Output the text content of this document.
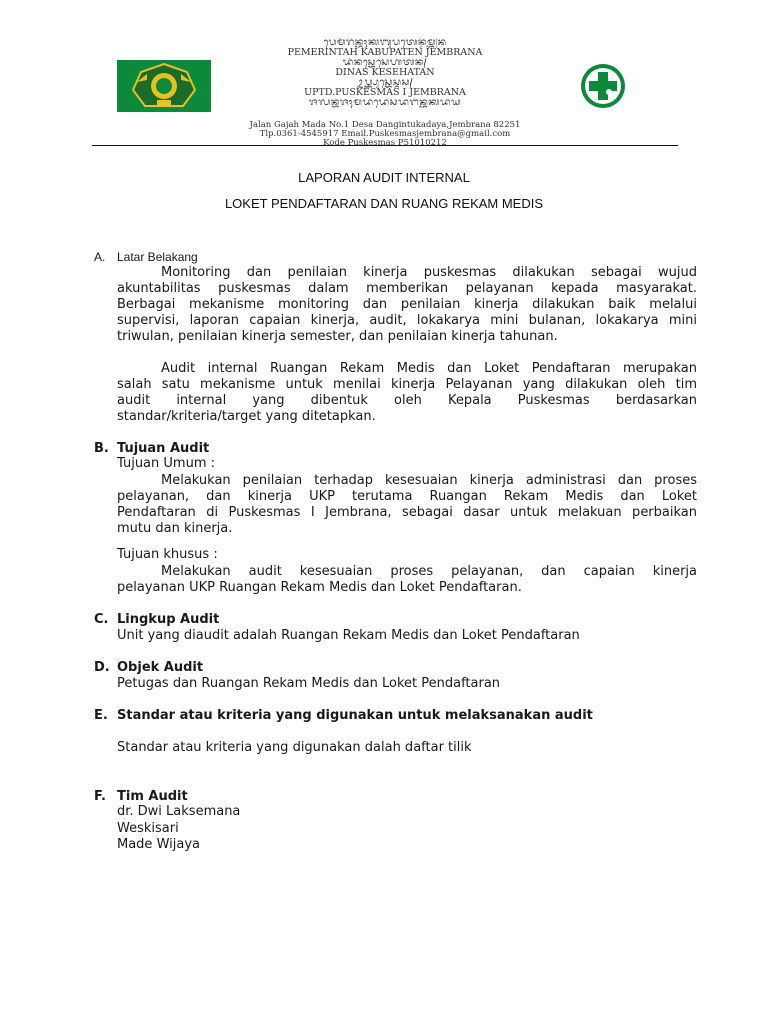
ᬧᬾᬫᭂᬭᬶᬦ᭄ᬢᬄᬓᬩᬸᬧᬢᬾᬦ᭄ᬚᭂᬫ᭄ᬩ᭄ᬭᬦ
PEMERINTAH KABUPATEN JEMBRANA
ᬤᬶᬦᬲ᭄ᬓᬾᬲᬾᬳᬢᬦ᭄
DINAS KESEHATAN
ᬉᬧ᭄ᬢ᭄ᬤ᭄ᬧᬸᬲ᭄ᬓᬾᬲ᭄ᬫᬲ᭄
UPTD.PUSKESMAS I JEMBRANA
ᬚᬮᬦ᭄ᬕᬚᬄᬫᬤᬤᬾᬲᬤᬗᬶᬦ᭄ᬢᬸᬓᬤᬬ
Jalan Gajah Mada No.1 Desa Dangintukadaya,Jembrana 82251
Tlp.0361-4545917 Email.Puskesmasjembrana@gmail.com
Kode Puskesmas P51010212
LAPORAN AUDIT INTERNAL
LOKET PENDAFTARAN DAN RUANG REKAM MEDIS
A. Latar Belakang
Monitoring dan penilaian kinerja puskesmas dilakukan sebagai wujud
akuntabilitas puskesmas dalam memberikan pelayanan kepada masyarakat.
Berbagai mekanisme monitoring dan penilaian kinerja dilakukan baik melalui
supervisi, laporan capaian kinerja, audit, lokakarya mini bulanan, lokakarya mini
triwulan, penilaian kinerja semester, dan penilaian kinerja tahunan.
Audit internal Ruangan Rekam Medis dan Loket Pendaftaran merupakan
salah satu mekanisme untuk menilai kinerja Pelayanan yang dilakukan oleh tim
audit internal yang dibentuk oleh Kepala Puskesmas berdasarkan
standar/kriteria/target yang ditetapkan.
B. Tujuan Audit
Tujuan Umum :
Melakukan penilaian terhadap kesesuaian kinerja administrasi dan proses
pelayanan, dan kinerja UKP terutama Ruangan Rekam Medis dan Loket
Pendaftaran di Puskesmas I Jembrana, sebagai dasar untuk melakuan perbaikan
mutu dan kinerja.
Tujuan khusus :
Melakukan audit kesesuaian proses pelayanan, dan capaian kinerja
pelayanan UKP Ruangan Rekam Medis dan Loket Pendaftaran.
C. Lingkup Audit
Unit yang diaudit adalah Ruangan Rekam Medis dan Loket Pendaftaran
D. Objek Audit
Petugas dan Ruangan Rekam Medis dan Loket Pendaftaran
E. Standar atau kriteria yang digunakan untuk melaksanakan audit
Standar atau kriteria yang digunakan dalah daftar tilik
F. Tim Audit
dr. Dwi Laksemana
Weskisari
Made Wijaya
